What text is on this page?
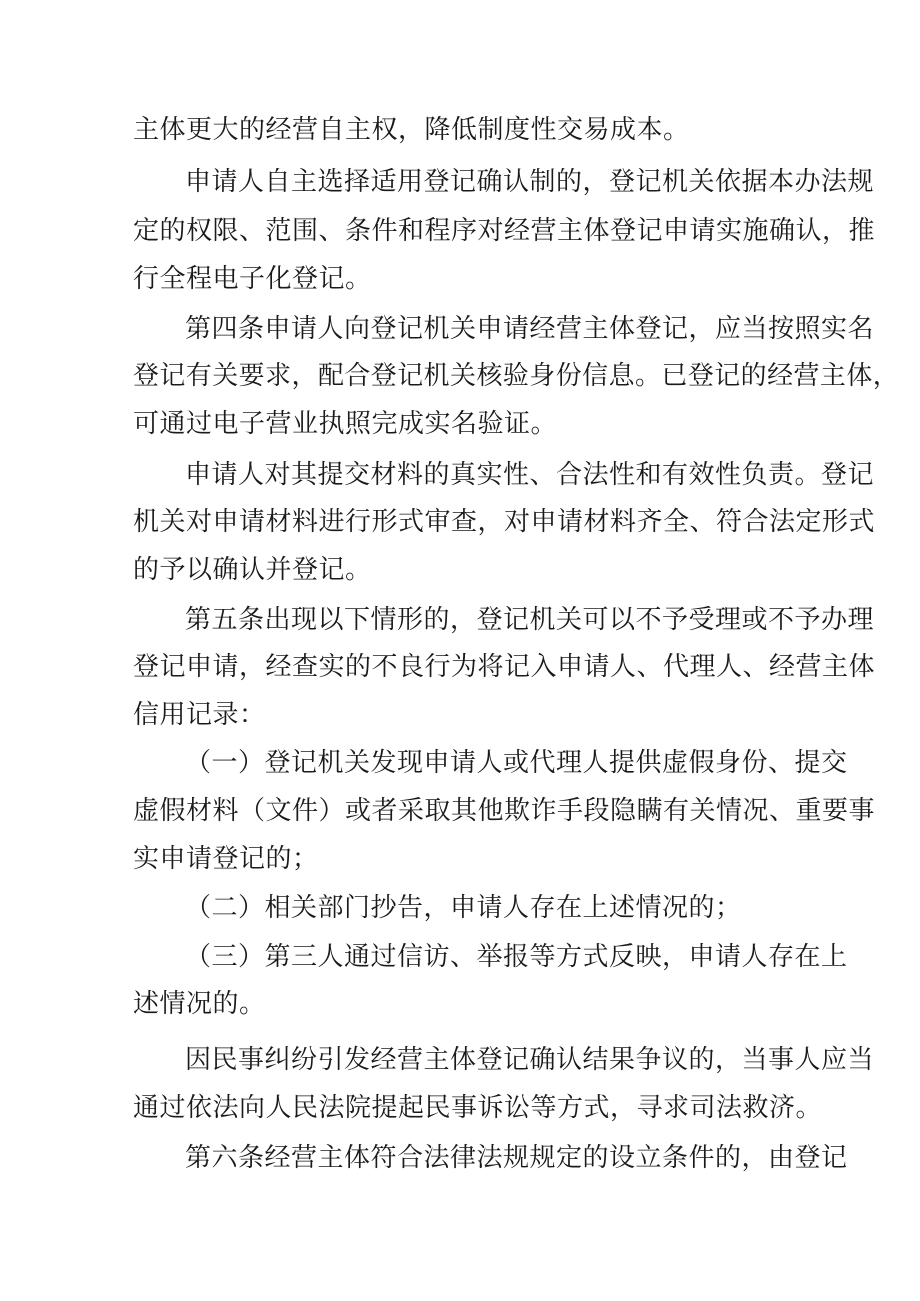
主体更大的经营自主权，降低制度性交易成本。
申请人自主选择适用登记确认制的，登记机关依据本办法规
定的权限、范围、条件和程序对经营主体登记申请实施确认，推
行全程电子化登记。
第四条申请人向登记机关申请经营主体登记，应当按照实名
登记有关要求，配合登记机关核验身份信息。已登记的经营主体，
可通过电子营业执照完成实名验证。
申请人对其提交材料的真实性、合法性和有效性负责。登记
机关对申请材料进行形式审查，对申请材料齐全、符合法定形式
的予以确认并登记。
第五条出现以下情形的，登记机关可以不予受理或不予办理
登记申请，经查实的不良行为将记入申请人、代理人、经营主体
信用记录：
（一）登记机关发现申请人或代理人提供虚假身份、提交
虚假材料（文件）或者采取其他欺诈手段隐瞒有关情况、重要事
实申请登记的；
（二）相关部门抄告，申请人存在上述情况的；
（三）第三人通过信访、举报等方式反映，申请人存在上
述情况的。
因民事纠纷引发经营主体登记确认结果争议的，当事人应当
通过依法向人民法院提起民事诉讼等方式，寻求司法救济。
第六条经营主体符合法律法规规定的设立条件的，由登记
